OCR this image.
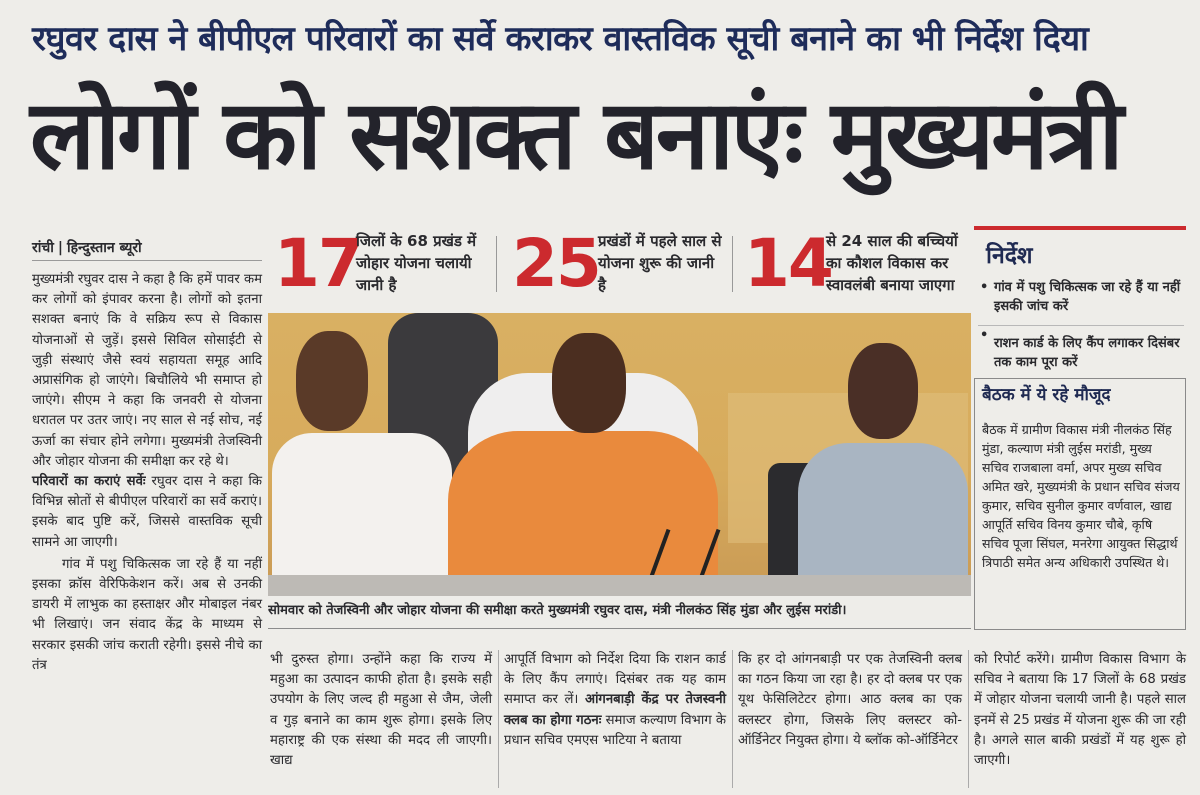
रघुवर दास ने बीपीएल परिवारों का सर्वे कराकर वास्तविक सूची बनाने का भी निर्देश दिया
लोगों को सशक्त बनाएंः मुख्यमंत्री
रांची | हिन्दुस्तान ब्यूरो	17
जिलों के 68 प्रखंड में जोहार योजना चलायी जानी है	25
प्रखंडों में पहले साल से योजना शुरू की जानी है	14
से 24 साल की बच्चियों का कौशल विकास कर स्वावलंबी बनाया जाएगा
सोमवार को तेजस्विनी और जोहार योजना की समीक्षा करते मुख्यमंत्री रघुवर दास, मंत्री नीलकंठ सिंह मुंडा और लुईस मरांडी।

मुख्यमंत्री रघुवर दास ने कहा है कि हमें पावर कम कर लोगों को इंपावर करना है। लोगों को इतना सशक्त बनाएं कि वे सक्रिय रूप से विकास योजनाओं से जुड़ें। इससे सिविल सोसाईटी से जुड़ी संस्थाएं जैसे स्वयं सहायता समूह आदि अप्रासंगिक हो जाएंगे। बिचौलिये भी समाप्त हो जाएंगे। सीएम ने कहा कि जनवरी से योजना धरातल पर उतर जाएं। नए साल से नई सोच, नई ऊर्जा का संचार होने लगेगा। मुख्यमंत्री तेजस्विनी और जोहार योजना की समीक्षा कर रहे थे।

परिवारों का कराएं सर्वेः रघुवर दास ने कहा कि विभिन्न स्रोतों से बीपीएल परिवारों का सर्वे कराएं। इसके बाद पुष्टि करें, जिससे वास्तविक सूची सामने आ जाएगी।

गांव में पशु चिकित्सक जा रहे हैं या नहीं इसका क्रॉस वेरिफिकेशन करें। अब से उनकी डायरी में लाभुक का हस्ताक्षर और मोबाइल नंबर भी लिखाएं। जन संवाद केंद्र के माध्यम से सरकार इसकी जांच कराती रहेगी। इससे नीचे का तंत्र	भी दुरुस्त होगा। उन्होंने कहा कि राज्य में महुआ का उत्पादन काफी होता है। इसके सही उपयोग के लिए जल्द ही महुआ से जैम, जेली व गुड़ बनाने का काम शुरू होगा। इसके लिए महाराष्ट्र की एक संस्था की मदद ली जाएगी। खाद्य
आपूर्ति विभाग को निर्देश दिया कि राशन कार्ड के लिए कैंप लगाएं। दिसंबर तक यह काम समाप्त कर लें। आंगनबाड़ी केंद्र पर तेजस्वनी क्लब का होगा गठनः समाज कल्याण विभाग के प्रधान सचिव एमएस भाटिया ने बताया
कि हर दो आंगनबाड़ी पर एक तेजस्विनी क्लब का गठन किया जा रहा है। हर दो क्लब पर एक यूथ फेसिलिटेटर होगा। आठ क्लब का एक क्लस्टर होगा, जिसके लिए क्लस्टर को-ऑर्डिनेटर नियुक्त होगा। ये ब्लॉक को-ऑर्डिनेटर
को रिपोर्ट करेंगे। ग्रामीण विकास विभाग के सचिव ने बताया कि 17 जिलों के 68 प्रखंड में जोहार योजना चलायी जानी है। पहले साल इनमें से 25 प्रखंड में योजना शुरू की जा रही है। अगले साल बाकी प्रखंडों में यह शुरू हो जाएगी।
निर्देश
• गांव में पशु चिकित्सक जा रहे हैं या नहीं इसकी जांच करें
•
राशन कार्ड के लिए कैंप लगाकर दिसंबर तक काम पूरा करें
बैठक में ये रहे मौजूद
बैठक में ग्रामीण विकास मंत्री नीलकंठ सिंह मुंडा, कल्याण मंत्री लुईस मरांडी, मुख्य सचिव राजबाला वर्मा, अपर मुख्य सचिव अमित खरे, मुख्यमंत्री के प्रधान सचिव संजय कुमार, सचिव सुनील कुमार वर्णवाल, खाद्य आपूर्ति सचिव विनय कुमार चौबे, कृषि सचिव पूजा सिंघल, मनरेगा आयुक्त सिद्धार्थ त्रिपाठी समेत अन्य अधिकारी उपस्थित थे।
